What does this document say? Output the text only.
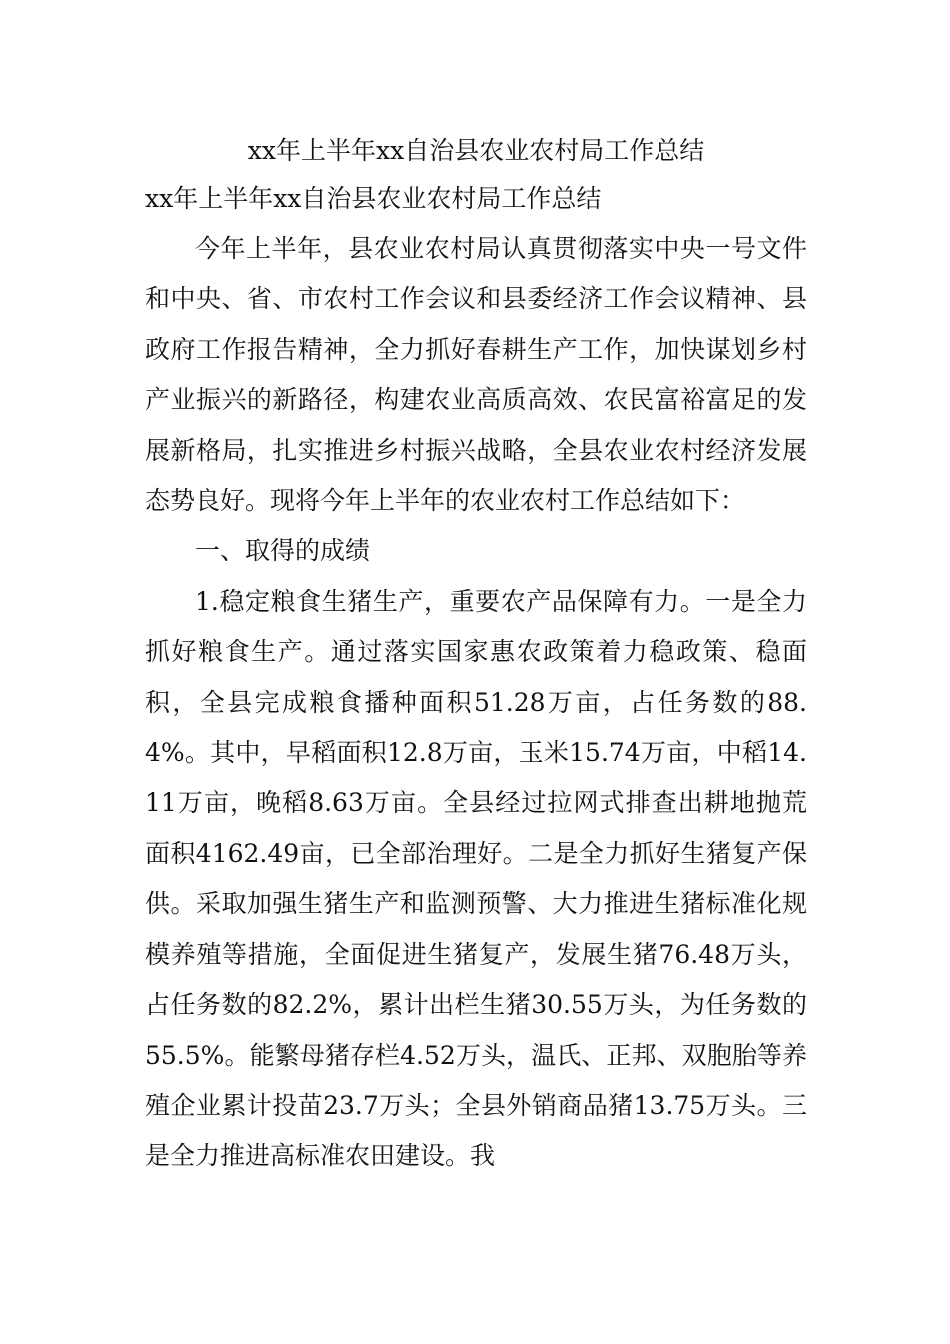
xx年上半年xx自治县农业农村局工作总结

xx年上半年xx自治县农业农村局工作总结

今年上半年，县农业农村局认真贯彻落实中央一号文件和中央、省、市农村工作会议和县委经济工作会议精神、县政府工作报告精神，全力抓好春耕生产工作，加快谋划乡村产业振兴的新路径，构建农业高质高效、农民富裕富足的发展新格局，扎实推进乡村振兴战略，全县农业农村经济发展态势良好。现将今年上半年的农业农村工作总结如下：

一、取得的成绩

1.稳定粮食生猪生产，重要农产品保障有力。一是全力抓好粮食生产。通过落实国家惠农政策着力稳政策、稳面积，全县完成粮食播种面积51.28万亩，占任务数的88.4%。其中，早稻面积12.8万亩，玉米15.74万亩，中稻14.11万亩，晚稻8.63万亩。全县经过拉网式排查出耕地抛荒面积4162.49亩，已全部治理好。二是全力抓好生猪复产保供。采取加强生猪生产和监测预警、大力推进生猪标准化规模养殖等措施，全面促进生猪复产，发展生猪76.48万头，占任务数的82.2%，累计出栏生猪30.55万头，为任务数的55.5%。能繁母猪存栏4.52万头，温氏、正邦、双胞胎等养殖企业累计投苗23.7万头；全县外销商品猪13.75万头。三是全力推进高标准农田建设。我
